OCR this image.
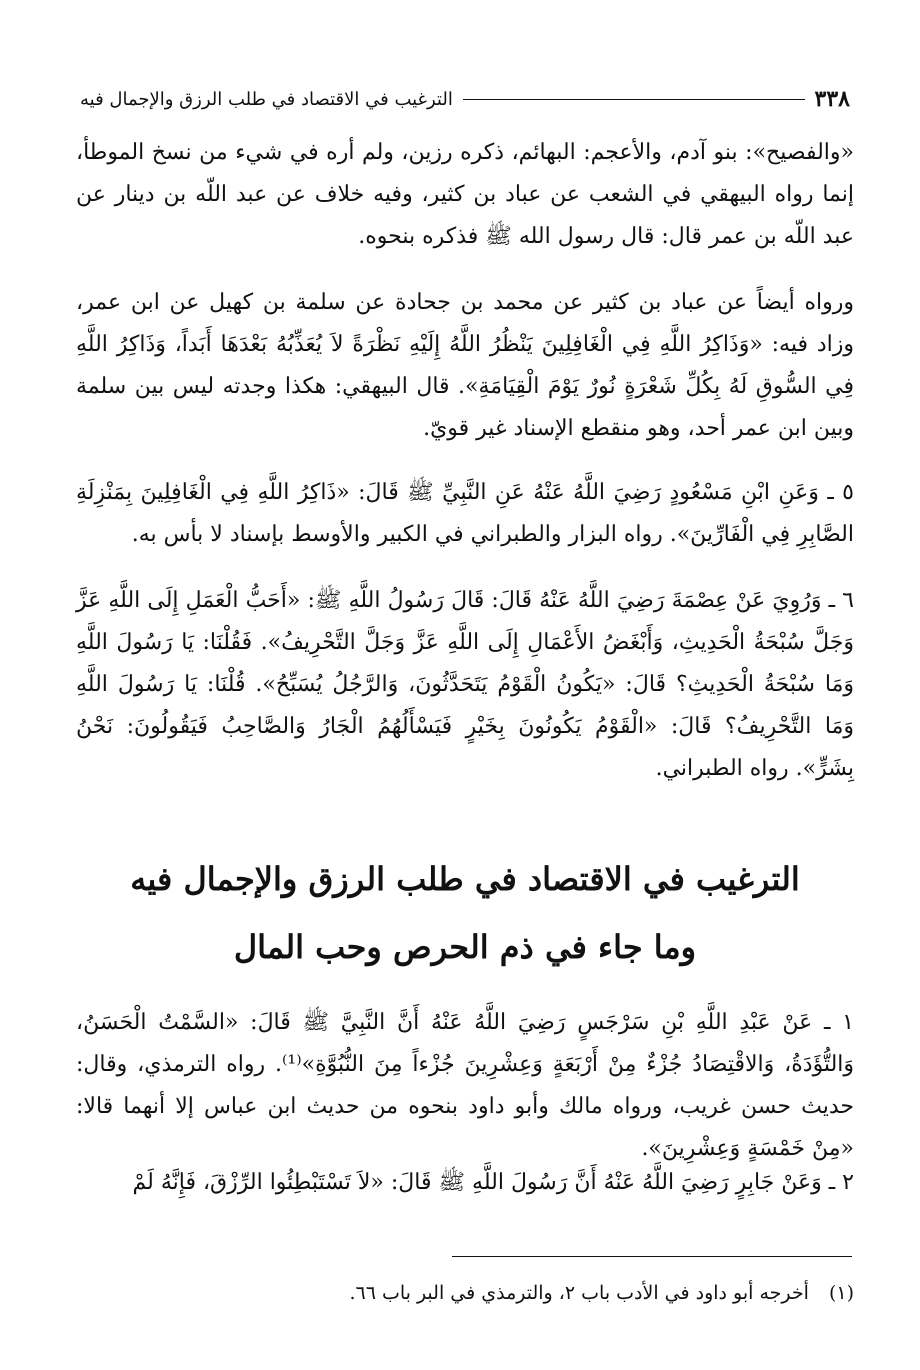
٣٣٨
الترغيب في الاقتصاد في طلب الرزق والإجمال فيه

«والفصيح»: بنو آدم، والأعجم: البهائم، ذكره رزين، ولم أره في شيء من نسخ الموطأ، إنما رواه البيهقي في الشعب عن عباد بن كثير، وفيه خلاف عن عبد اللّه بن دينار عن عبد اللّه بن عمر قال: قال رسول الله ﷺ فذكره بنحوه.

ورواه أيضاً عن عباد بن كثير عن محمد بن جحادة عن سلمة بن كهيل عن ابن عمر، وزاد فيه: «وَذَاكِرُ اللَّهِ فِي الْغَافِلِينَ يَنْظُرُ اللَّهُ إِلَيْهِ نَظْرَةً لاَ يُعَذِّبُهُ بَعْدَهَا أَبَداً، وَذَاكِرُ اللَّهِ فِي السُّوقِ لَهُ بِكُلِّ شَعْرَةٍ نُورٌ يَوْمَ الْقِيَامَةِ». قال البيهقي: هكذا وجدته ليس بين سلمة وبين ابن عمر أحد، وهو منقطع الإسناد غير قويّ.

٥ ـ وَعَنِ ابْنِ مَسْعُودٍ رَضِيَ اللَّهُ عَنْهُ عَنِ النَّبِيِّ ﷺ قَالَ: «ذَاكِرُ اللَّهِ فِي الْغَافِلِينَ بِمَنْزِلَةِ الصَّابِرِ فِي الْفَارِّينَ». رواه البزار والطبراني في الكبير والأوسط بإسناد لا بأس به.

٦ ـ وَرُوِيَ عَنْ عِصْمَةَ رَضِيَ اللَّهُ عَنْهُ قَالَ: قَالَ رَسُولُ اللَّهِ ﷺ: «أَحَبُّ الْعَمَلِ إِلَى اللَّهِ عَزَّ وَجَلَّ سُبْحَةُ الْحَدِيثِ، وَأَبْغَضُ الأَعْمَالِ إِلَى اللَّهِ عَزَّ وَجَلَّ التَّحْرِيفُ». فَقُلْنَا: يَا رَسُولَ اللَّهِ وَمَا سُبْحَةُ الْحَدِيثِ؟ قَالَ: «يَكُونُ الْقَوْمُ يَتَحَدَّثُونَ، وَالرَّجُلُ يُسَبِّحُ». قُلْنَا: يَا رَسُولَ اللَّهِ وَمَا التَّحْرِيفُ؟ قَالَ: «الْقَوْمُ يَكُونُونَ بِخَيْرٍ فَيَسْأَلُهُمُ الْجَارُ وَالصَّاحِبُ فَيَقُولُونَ: نَحْنُ بِشَرٍّ». رواه الطبراني.

الترغيب في الاقتصاد في طلب الرزق والإجمال فيه
وما جاء في ذم الحرص وحب المال

١ ـ عَنْ عَبْدِ اللَّهِ بْنِ سَرْجَسٍ رَضِيَ اللَّهُ عَنْهُ أَنَّ النَّبِيَّ ﷺ قَالَ: «السَّمْتُ الْحَسَنُ، وَالتُّؤَدَةُ، وَالاقْتِصَادُ جُزْءٌ مِنْ أَرْبَعَةٍ وَعِشْرِينَ جُزْءاً مِنَ النُّبُوَّةِ»⁽¹⁾. رواه الترمذي، وقال: حديث حسن غريب، ورواه مالك وأبو داود بنحوه من حديث ابن عباس إلا أنهما قالا: «مِنْ خَمْسَةٍ وَعِشْرِينَ».

٢ ـ وَعَنْ جَابِرٍ رَضِيَ اللَّهُ عَنْهُ أَنَّ رَسُولَ اللَّهِ ﷺ قَالَ: «لاَ تَسْتَبْطِئُوا الرِّزْقَ، فَإِنَّهُ لَمْ

(١) أخرجه أبو داود في الأدب باب ٢، والترمذي في البر باب ٦٦.
